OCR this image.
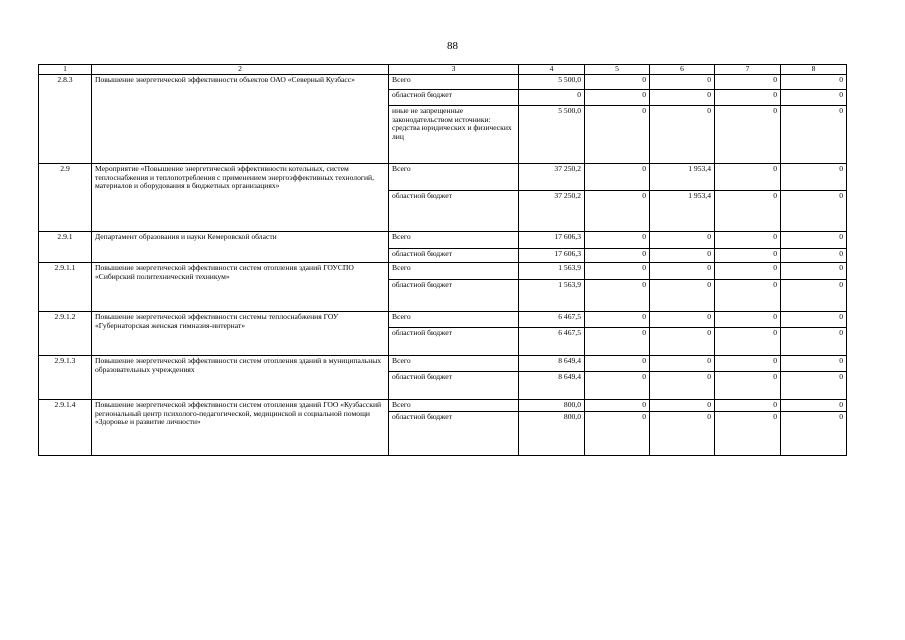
88
1	2	3	4	5	6	7	8
2.8.3	Повышение энергетической эффективности объектов ОАО «Северный Кузбасс»	Всего	5 500,0	0	0	0	0
		областной бюджет	0	0	0	0	0
		иные не запрещенные законодательством источники: средства юридических и физических лиц	5 500,0	0	0	0	0
2.9	Мероприятие «Повышение энергетической эффективности котельных, систем теплоснабжения и теплопотребления с применением энергоэффективных технологий, материалов и оборудования в бюджетных организациях»	Всего	37 250,2	0	1 953,4	0	0
		областной бюджет	37 250,2	0	1 953,4	0	0
2.9.1	Департамент образования и науки Кемеровской области	Всего	17 606,3	0	0	0	0
		областной бюджет	17 606,3	0	0	0	0
2.9.1.1	Повышение энергетической эффективности систем отопления зданий ГОУСПО «Сибирский политехнический техникум»	Всего	1 563,9	0	0	0	0
		областной бюджет	1 563,9	0	0	0	0
2.9.1.2	Повышение энергетической эффективности системы теплоснабжения ГОУ «Губернаторская женская гимназия-интернат»	Всего	6 467,5	0	0	0	0
		областной бюджет	6 467,5	0	0	0	0
2.9.1.3	Повышение энергетической эффективности систем отопления зданий в муниципальных образовательных учреждениях	Всего	8 649,4	0	0	0	0
		областной бюджет	8 649,4	0	0	0	0
2.9.1.4	Повышение энергетической эффективности систем отопления зданий ГОО «Кузбасский региональный центр психолого-педагогической, медицинской и социальной помощи «Здоровье и развитие личности»	Всего	800,0	0	0	0	0
		областной бюджет	800,0	0	0	0	0
